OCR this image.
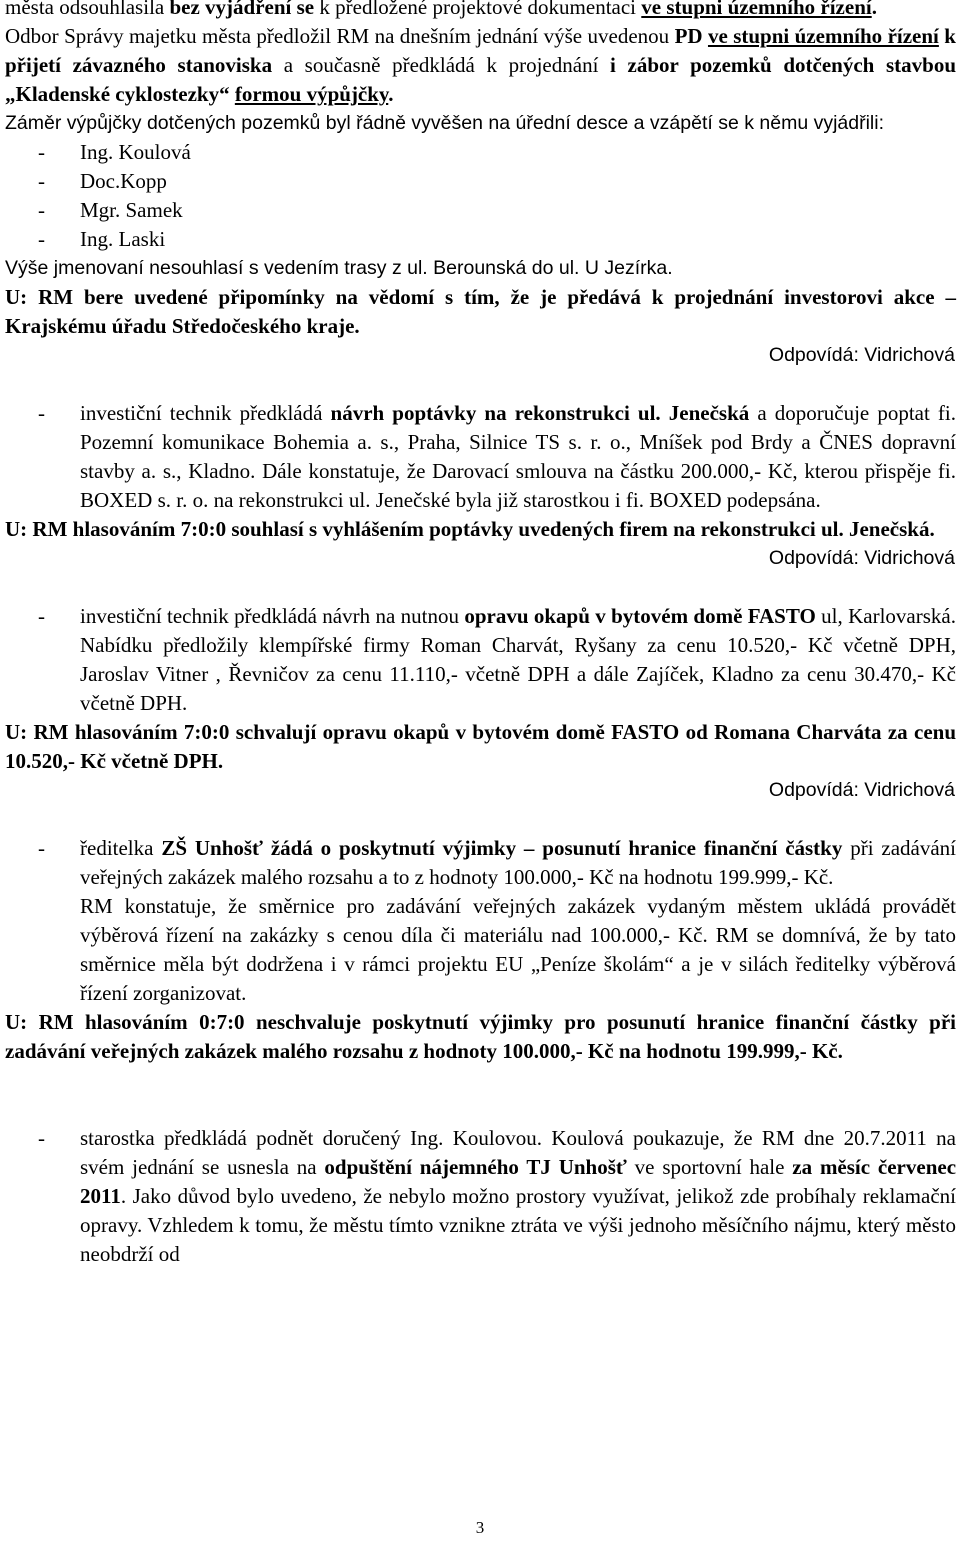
města odsouhlasila bez vyjádření se k předložené projektové dokumentaci ve stupni územního řízení.

Odbor Správy majetku města předložil RM na dnešním jednání výše uvedenou PD ve stupni územního řízení k přijetí závazného stanoviska a současně předkládá k projednání i zábor pozemků dotčených stavbou „Kladenské cyklostezky“ formou výpůjčky.

Záměr výpůjčky dotčených pozemků byl řádně vyvěšen na úřední desce a vzápětí se k němu vyjádřili:

- Ing. Koulová
- Doc.Kopp
- Mgr. Samek
- Ing. Laski

Výše jmenovaní nesouhlasí s vedením trasy z ul. Berounská do ul. U Jezírka.

U: RM bere uvedené připomínky na vědomí s tím, že je předává k projednání investorovi akce – Krajskému úřadu Středočeského kraje.

Odpovídá: Vidrichová

- investiční technik předkládá návrh poptávky na rekonstrukci ul. Jenečská a doporučuje poptat fi. Pozemní komunikace Bohemia a. s., Praha, Silnice TS s. r. o., Mníšek pod Brdy a ČNES dopravní stavby a. s., Kladno. Dále konstatuje, že Darovací smlouva na částku 200.000,- Kč, kterou přispěje fi. BOXED s. r. o. na rekonstrukci ul. Jenečské byla již starostkou i fi. BOXED podepsána.

U: RM hlasováním 7:0:0 souhlasí s vyhlášením poptávky uvedených firem na rekonstrukci ul. Jenečská.

Odpovídá: Vidrichová

- investiční technik předkládá návrh na nutnou opravu okapů v bytovém domě FASTO ul, Karlovarská. Nabídku předložily klempířské firmy Roman Charvát, Ryšany za cenu 10.520,- Kč včetně DPH, Jaroslav Vitner , Řevničov za cenu 11.110,- včetně DPH a dále Zajíček, Kladno za cenu 30.470,- Kč včetně DPH.

U: RM hlasováním 7:0:0 schvalují opravu okapů v bytovém domě FASTO od Romana Charváta za cenu 10.520,- Kč včetně DPH.

Odpovídá: Vidrichová

- ředitelka ZŠ Unhošť žádá o poskytnutí výjimky – posunutí hranice finanční částky při zadávání veřejných zakázek malého rozsahu a to z hodnoty 100.000,- Kč na hodnotu 199.999,- Kč.

RM konstatuje, že směrnice pro zadávání veřejných zakázek vydaným městem ukládá provádět výběrová řízení na zakázky s cenou díla či materiálu nad 100.000,- Kč. RM se domnívá, že by tato směrnice měla být dodržena i v rámci projektu EU „Peníze školám“ a je v silách ředitelky výběrová řízení zorganizovat.

U: RM hlasováním 0:7:0 neschvaluje poskytnutí výjimky pro posunutí hranice finanční částky při zadávání veřejných zakázek malého rozsahu z hodnoty 100.000,- Kč na hodnotu 199.999,- Kč.

- starostka předkládá podnět doručený Ing. Koulovou. Koulová poukazuje, že RM dne 20.7.2011 na svém jednání se usnesla na odpuštění nájemného TJ Unhošť ve sportovní hale za měsíc červenec 2011. Jako důvod bylo uvedeno, že nebylo možno prostory využívat, jelikož zde probíhaly reklamační opravy. Vzhledem k tomu, že městu tímto vznikne ztráta ve výši jednoho měsíčního nájmu, který město neobdrží od

3
